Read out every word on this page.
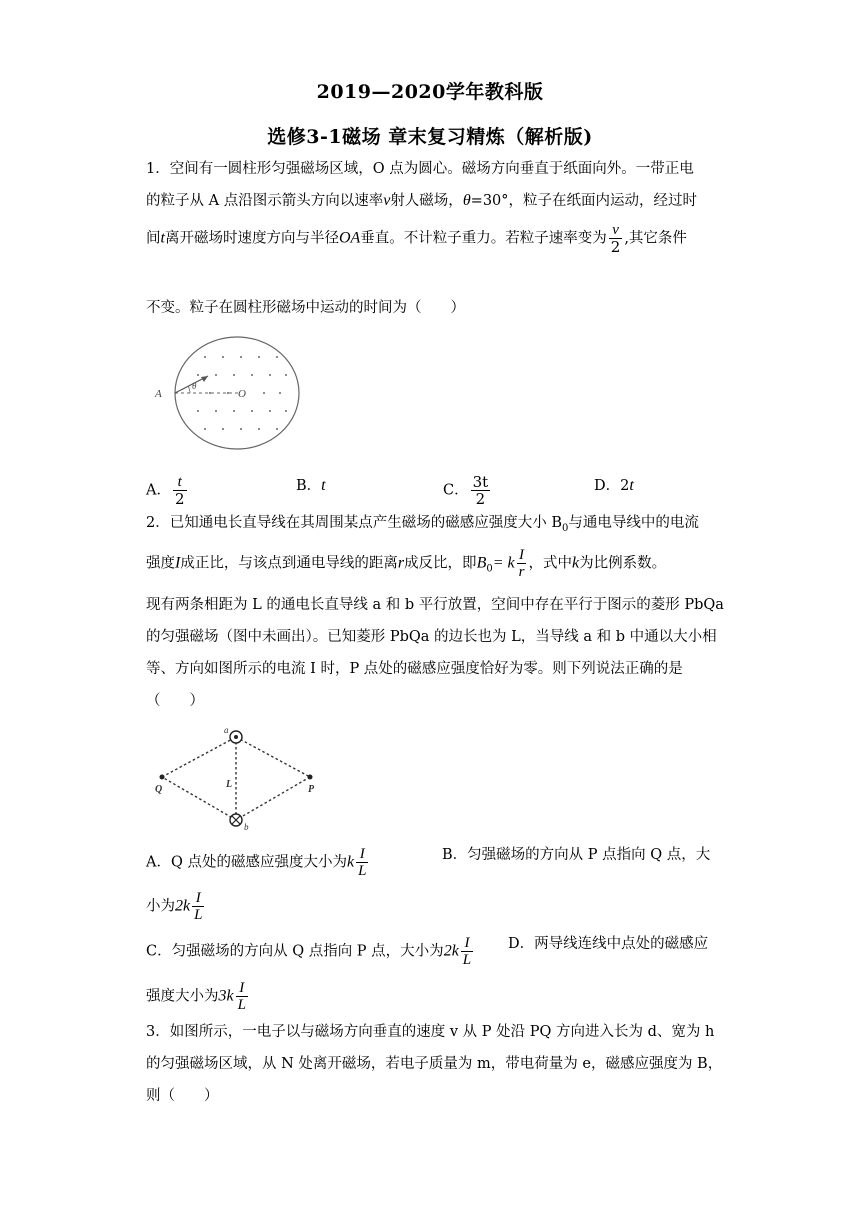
2019—2020学年教科版
选修3-1磁场 章末复习精炼（解析版)
1．空间有一圆柱形匀强磁场区域，O 点为圆心。磁场方向垂直于纸面向外。一带正电
的粒子从 A 点沿图示箭头方向以速率v射人磁场，θ=30°，粒子在纸面内运动，经过时
间t离开磁场时速度方向与半径OA垂直。不计粒子重力。若粒子速率变为 $\frac{v}{2}$ ,其它条件
不变。粒子在圆柱形磁场中运动的时间为（　　）
A
θ
O
A． $\frac{t}{2}$	B．t	C． $\frac{3t}{2}$	D．2t
2．已知通电长直导线在其周围某点产生磁场的磁感应强度大小 $B_0$与通电导线中的电流
强度I成正比，与该点到通电导线的距离r成反比，即$B_0= k \frac{I}{r}$ ，式中k为比例系数。
现有两条相距为 L 的通电长直导线 a 和 b 平行放置，空间中存在平行于图示的菱形 PbQa
的匀强磁场（图中未画出）。已知菱形 PbQa 的边长也为 L，当导线 a 和 b 中通以大小相
等、方向如图所示的电流 I 时，P 点处的磁感应强度恰好为零。则下列说法正确的是
（　　）
a
b
Q	P
L
A．Q 点处的磁感应强度大小为k $\frac{I}{L}$	B．匀强磁场的方向从 P 点指向 Q 点，大
小为$2k \frac{I}{L}$
C．匀强磁场的方向从 Q 点指向 P 点，大小为$2k \frac{I}{L}$ D．两导线连线中点处的磁感应
强度大小为$3k \frac{I}{L}$
3．如图所示，一电子以与磁场方向垂直的速度 v 从 P 处沿 PQ 方向进入长为 d、宽为 h
的匀强磁场区域，从 N 处离开磁场，若电子质量为 m，带电荷量为 e，磁感应强度为 B，
则（　　）
